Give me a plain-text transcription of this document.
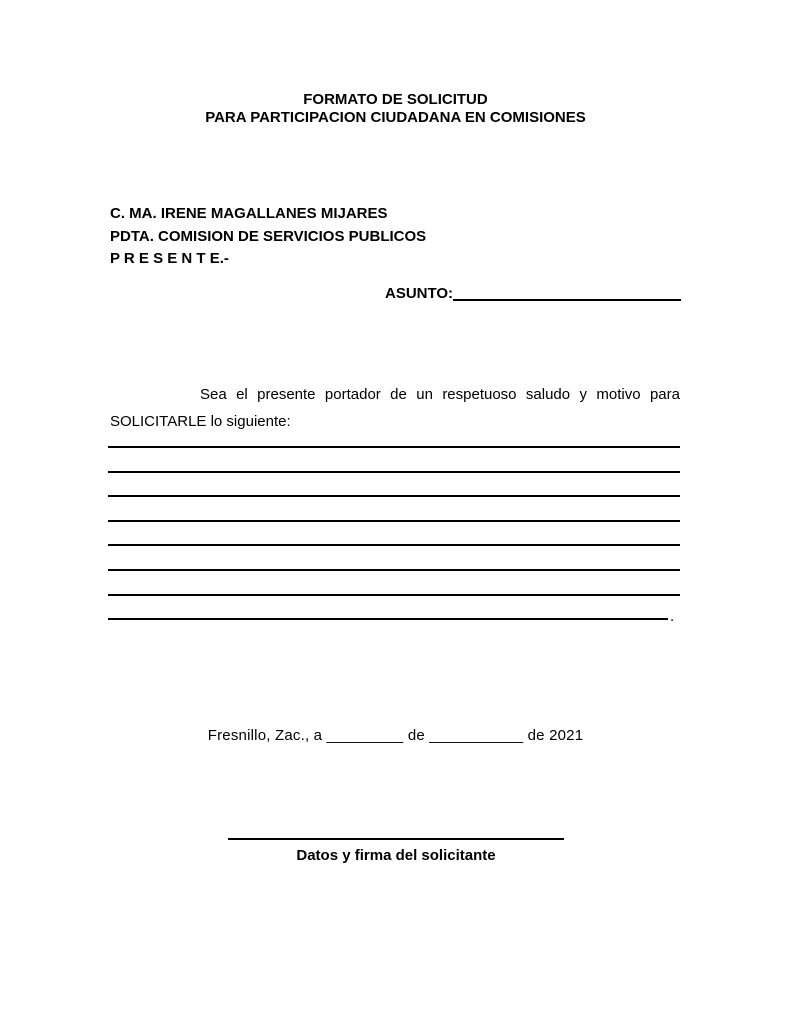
FORMATO DE SOLICITUD
PARA PARTICIPACION CIUDADANA EN COMISIONES
C. MA. IRENE MAGALLANES MIJARES
PDTA. COMISION DE SERVICIOS PUBLICOS
P R E S E N T E.-
ASUNTO:
Sea el presente portador de un respetuoso saludo y motivo para
SOLICITARLE lo siguiente:
.
Fresnillo, Zac., a _________ de ___________ de 2021
Datos y firma del solicitante
